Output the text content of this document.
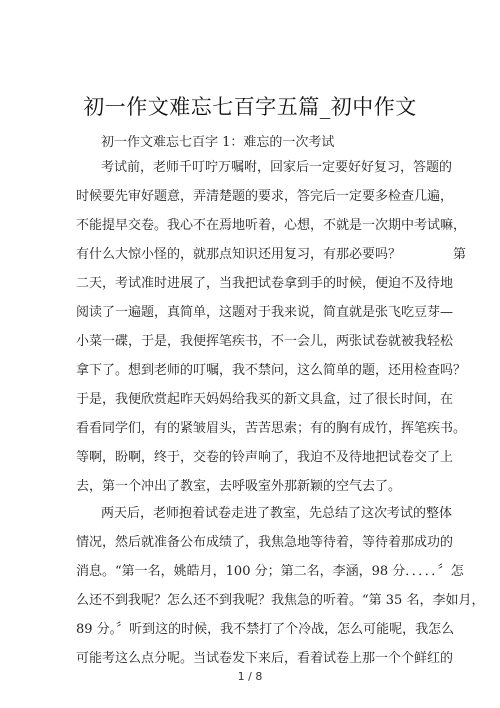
初一作文难忘七百字五篇_初中作文
初一作文难忘七百字 1：难忘的一次考试
考试前，老师千叮咛万嘱咐，回家后一定要好好复习，答题的
时候要先审好题意，弄清楚题的要求，答完后一定要多检查几遍，
不能提早交卷。我心不在焉地听着，心想，不就是一次期中考试嘛，
有什么大惊小怪的，就那点知识还用复习，有那必要吗？　　　　第
二天，考试准时进展了，当我把试卷拿到手的时候，便迫不及待地
阅读了一遍题，真简单，这题对于我来说，简直就是张飞吃豆芽—
小菜一碟，于是，我便挥笔疾书，不一会儿，两张试卷就被我轻松
拿下了。想到老师的叮嘱，我不禁问，这么简单的题，还用检查吗？
于是，我便欣赏起昨天妈妈给我买的新文具盒，过了很长时间，在
看看同学们，有的紧皱眉头，苦苦思索；有的胸有成竹，挥笔疾书。
等啊，盼啊，终于，交卷的铃声响了，我迫不及待地把试卷交了上
去，第一个冲出了教室，去呼吸室外那新颖的空气去了。
两天后，老师抱着试卷走进了教室，先总结了这次考试的整体
情况，然后就准备公布成绩了，我焦急地等待着，等待着那成功的
消息。“第一名，姚皓月，100 分；第二名，李涵，98 分．．．．．〞怎
么还不到我呢？怎么还不到我呢？我焦急的听着。“第 35 名，李如月，
89 分。〞听到这的时候，我不禁打了个冷战，怎么可能呢，我怎么
可能考这么点分呢。当试卷发下来后，看着试卷上那一个个鲜红的
1 / 8
